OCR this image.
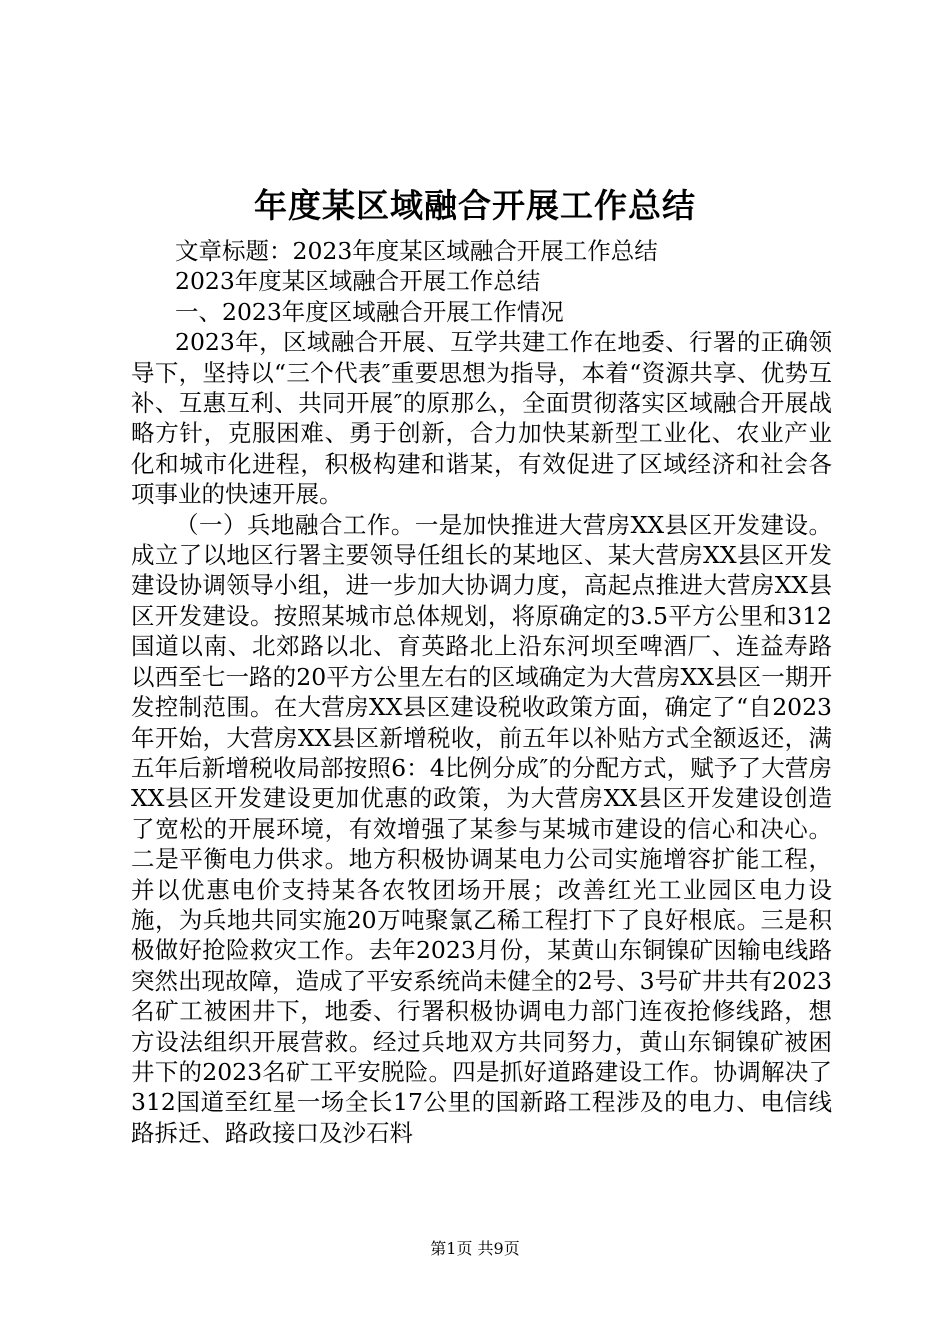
年度某区域融合开展工作总结

文章标题：2023年度某区域融合开展工作总结

2023年度某区域融合开展工作总结

一、2023年度区域融合开展工作情况

2023年，区域融合开展、互学共建工作在地委、行署的正确领导下，坚持以“三个代表″重要思想为指导，本着“资源共享、优势互补、互惠互利、共同开展″的原那么，全面贯彻落实区域融合开展战略方针，克服困难、勇于创新，合力加快某新型工业化、农业产业化和城市化进程，积极构建和谐某，有效促进了区域经济和社会各项事业的快速开展。

（一）兵地融合工作。一是加快推进大营房XX县区开发建设。成立了以地区行署主要领导任组长的某地区、某大营房XX县区开发建设协调领导小组，进一步加大协调力度，高起点推进大营房XX县区开发建设。按照某城市总体规划，将原确定的3.5平方公里和312国道以南、北郊路以北、育英路北上沿东河坝至啤酒厂、连益寿路以西至七一路的20平方公里左右的区域确定为大营房XX县区一期开发控制范围。在大营房XX县区建设税收政策方面，确定了“自2023年开始，大营房XX县区新增税收，前五年以补贴方式全额返还，满五年后新增税收局部按照6：4比例分成″的分配方式，赋予了大营房XX县区开发建设更加优惠的政策，为大营房XX县区开发建设创造了宽松的开展环境，有效增强了某参与某城市建设的信心和决心。二是平衡电力供求。地方积极协调某电力公司实施增容扩能工程，并以优惠电价支持某各农牧团场开展；改善红光工业园区电力设施，为兵地共同实施20万吨聚氯乙稀工程打下了良好根底。三是积极做好抢险救灾工作。去年2023月份，某黄山东铜镍矿因输电线路突然出现故障，造成了平安系统尚未健全的2号、3号矿井共有2023名矿工被困井下，地委、行署积极协调电力部门连夜抢修线路，想方设法组织开展营救。经过兵地双方共同努力，黄山东铜镍矿被困井下的2023名矿工平安脱险。四是抓好道路建设工作。协调解决了312国道至红星一场全长17公里的国新路工程涉及的电力、电信线路拆迁、路政接口及沙石料

第1页 共9页
